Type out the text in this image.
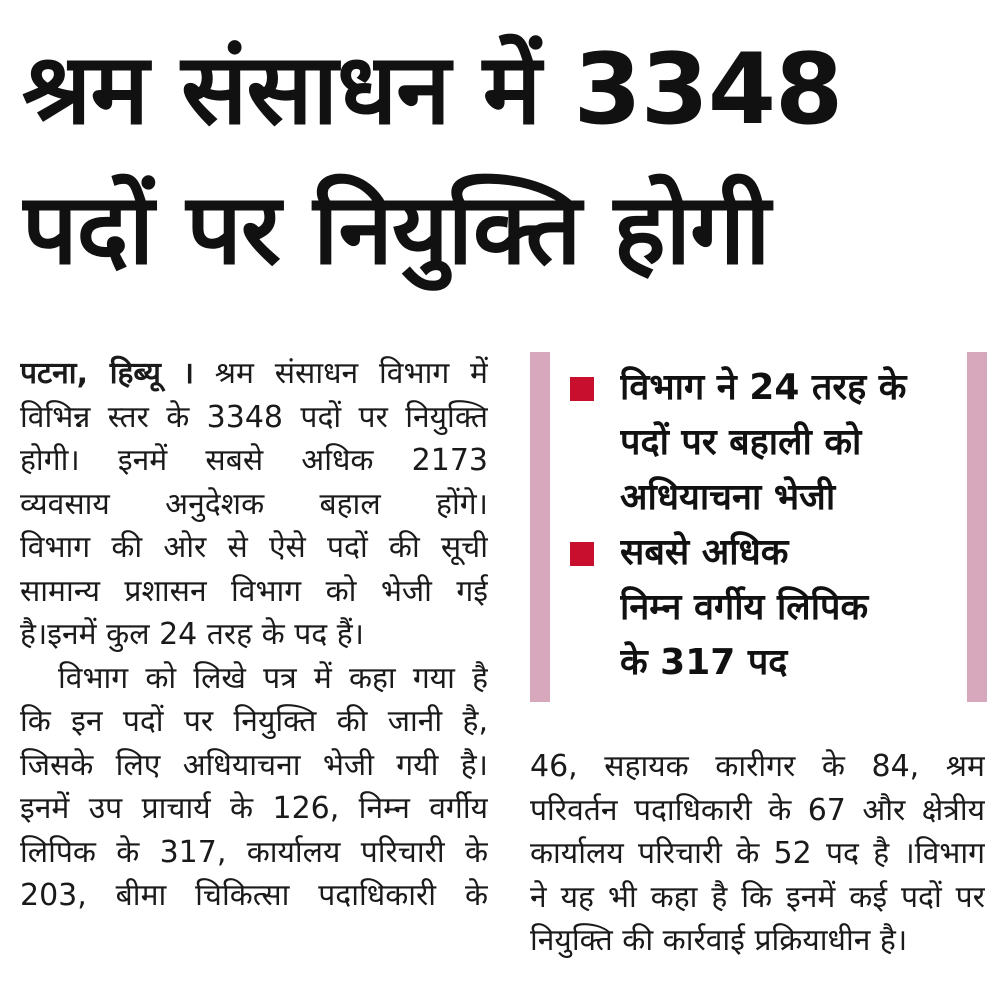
श्रम संसाधन में 3348
पदों पर नियुक्ति होगी
पटना, हिब्यू । श्रम संसाधन विभाग में
विभिन्न स्तर के 3348 पदों पर नियुक्ति
होगी। इनमें सबसे अधिक 2173
व्यवसाय अनुदेशक बहाल होंगे।
विभाग की ओर से ऐसे पदों की सूची
सामान्य प्रशासन विभाग को भेजी गई
है।इनमें कुल 24 तरह के पद हैं।
विभाग को लिखे पत्र में कहा गया है
कि इन पदों पर नियुक्ति की जानी है,
जिसके लिए अधियाचना भेजी गयी है।
इनमें उप प्राचार्य के 126, निम्न वर्गीय
लिपिक के 317, कार्यालय परिचारी के
203, बीमा चिकित्सा पदाधिकारी के
विभाग ने 24 तरह के
पदों पर बहाली को
अधियाचना भेजी
सबसे अधिक
निम्न वर्गीय लिपिक
के 317 पद
46, सहायक कारीगर के 84, श्रम
परिवर्तन पदाधिकारी के 67 और क्षेत्रीय
कार्यालय परिचारी के 52 पद है ।विभाग
ने यह भी कहा है कि इनमें कई पदों पर
नियुक्ति की कार्रवाई प्रक्रियाधीन है।
